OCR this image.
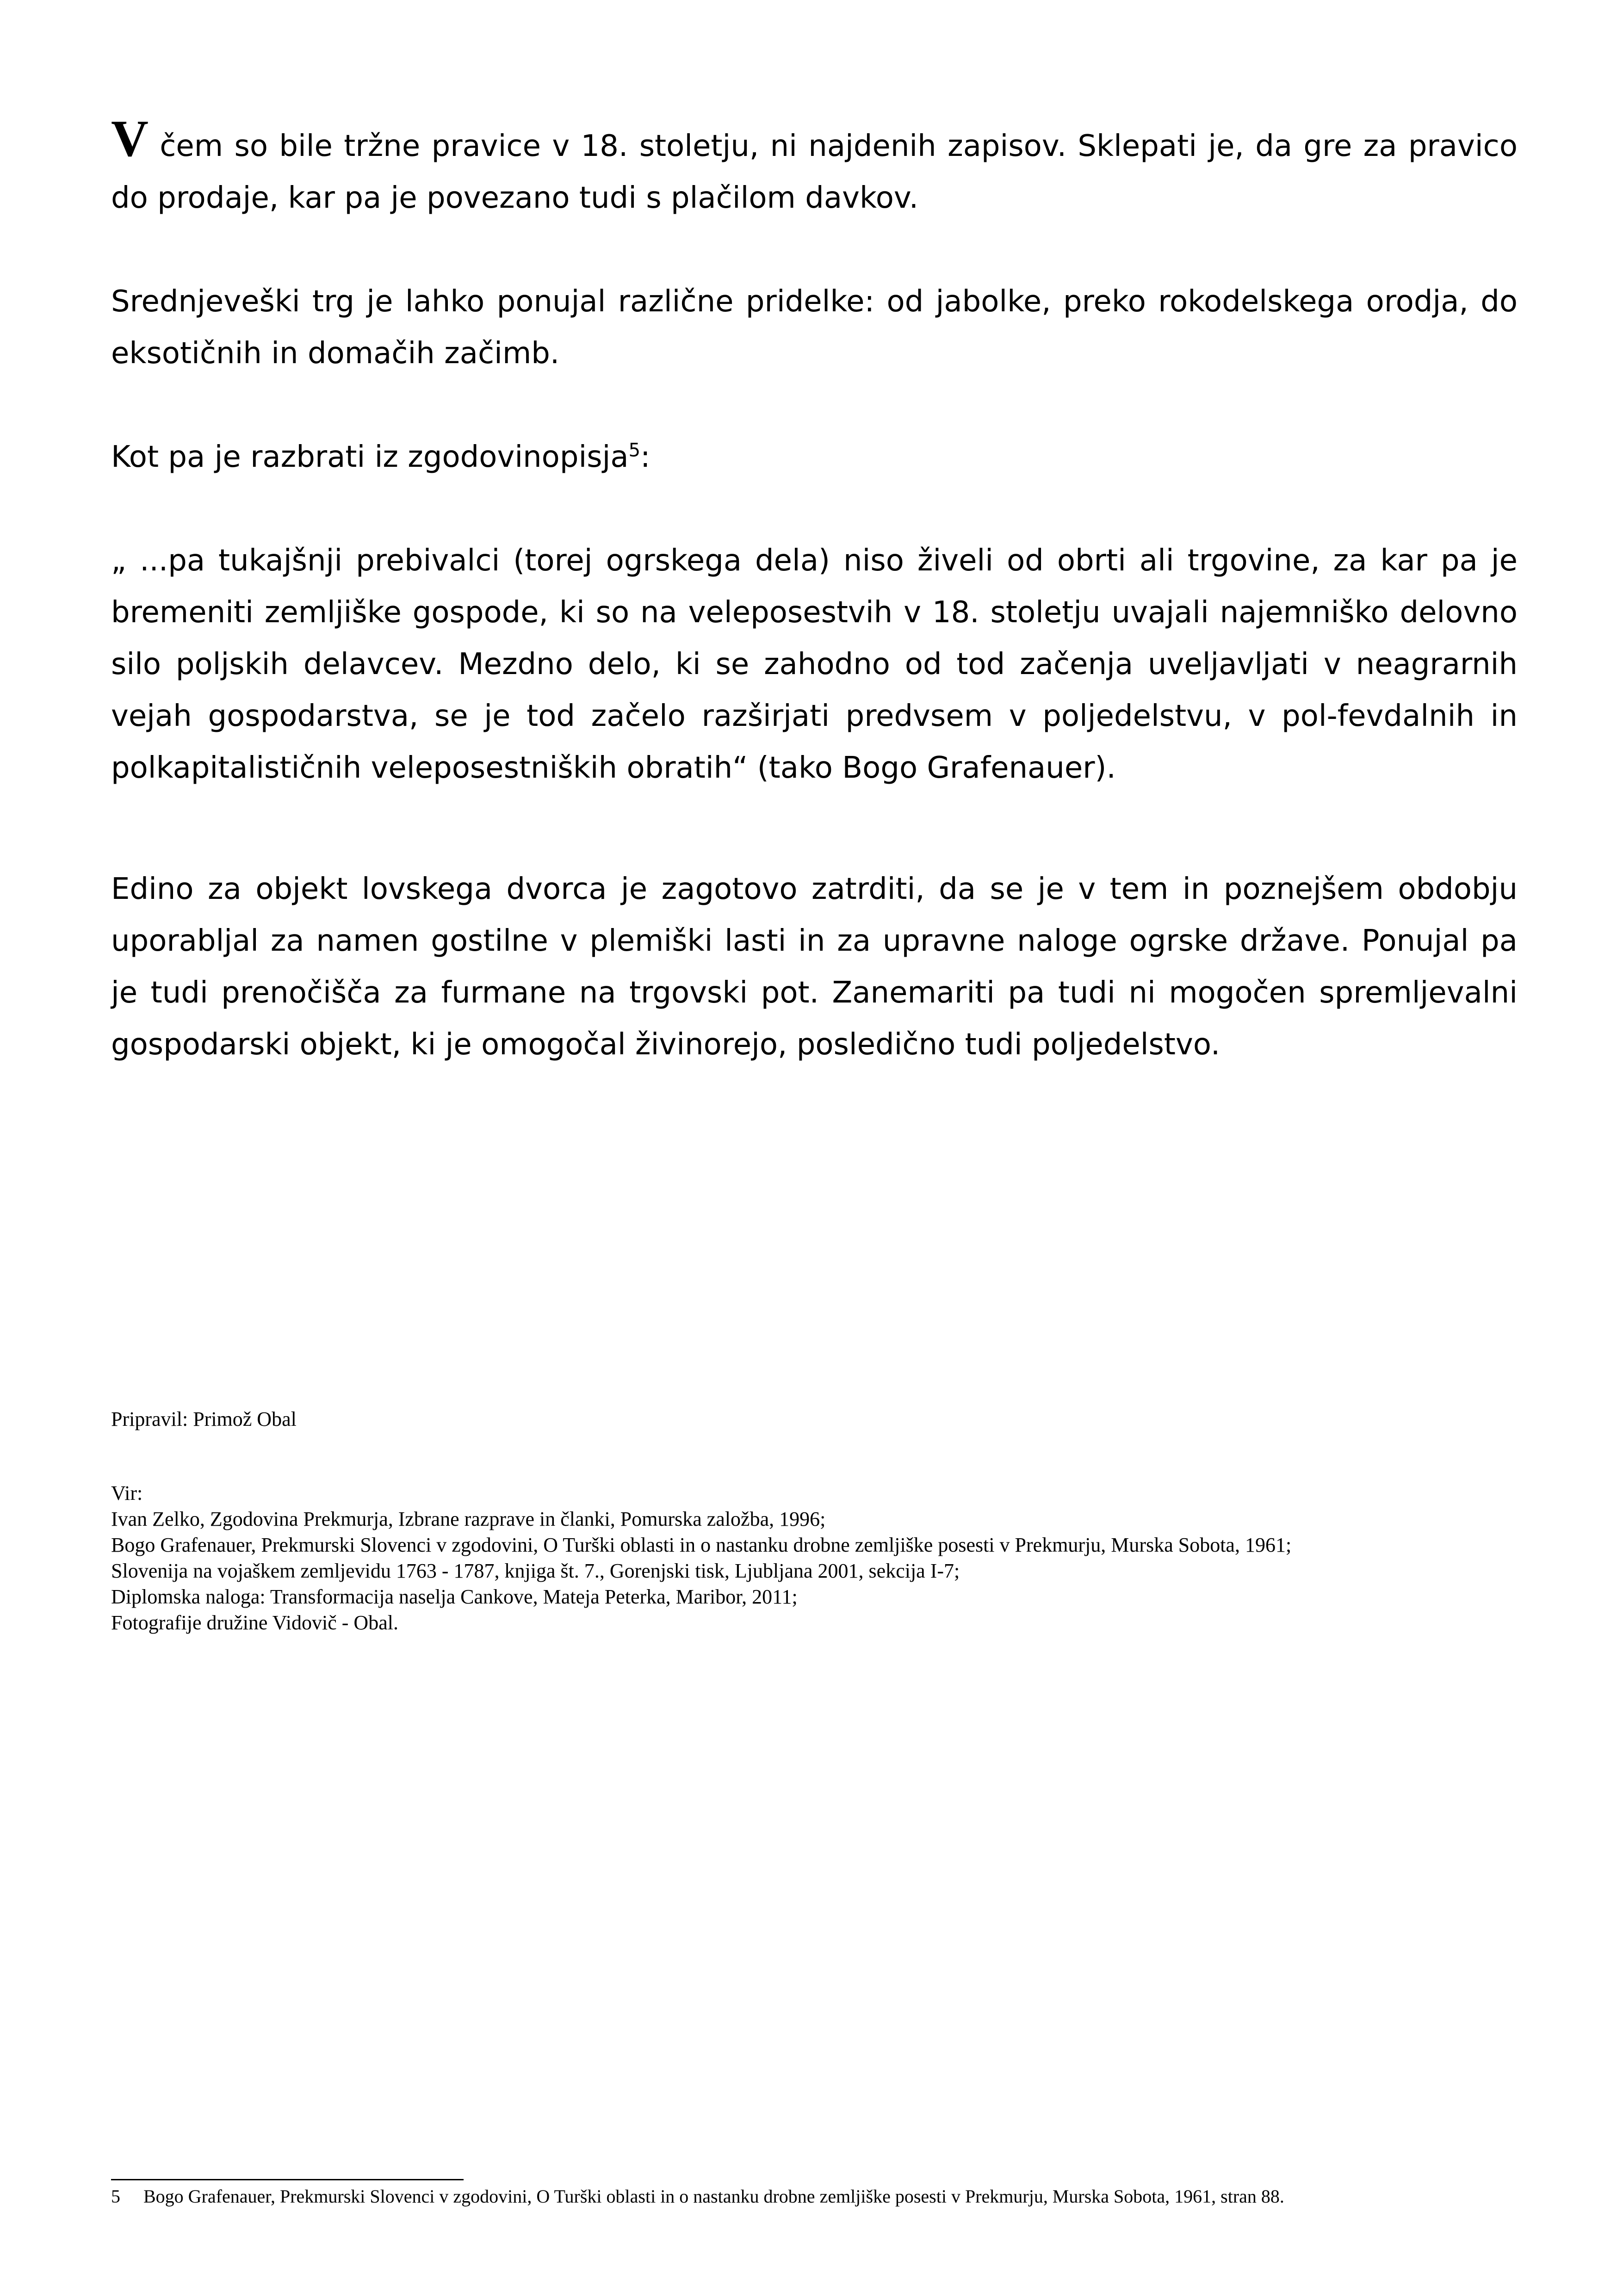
V čem so bile tržne pravice v 18. stoletju, ni najdenih zapisov. Sklepati je, da gre za pravico do prodaje, kar pa je povezano tudi s plačilom davkov.

Srednjeveški trg je lahko ponujal različne pridelke: od jabolke, preko rokodelskega orodja, do eksotičnih in domačih začimb.

Kot pa je razbrati iz zgodovinopisja$^5$:

„ ...pa tukajšnji prebivalci (torej ogrskega dela) niso živeli od obrti ali trgovine, za kar pa je bremeniti zemljiške gospode, ki so na veleposestvih v 18. stoletju uvajali najemniško delovno silo poljskih delavcev. Mezdno delo, ki se zahodno od tod začenja uveljavljati v neagrarnih vejah gospodarstva, se je tod začelo razširjati predvsem v poljedelstvu, v pol-fevdalnih in polkapitalističnih veleposestniških obratih“ (tako Bogo Grafenauer).

Edino za objekt lovskega dvorca je zagotovo zatrditi, da se je v tem in poznejšem obdobju uporabljal za namen gostilne v plemiški lasti in za upravne naloge ogrske države. Ponujal pa je tudi prenočišča za furmane na trgovski pot. Zanemariti pa tudi ni mogočen spremljevalni gospodarski objekt, ki je omogočal živinorejo, posledično tudi poljedelstvo.

Pripravil: Primož Obal

Vir:

Ivan Zelko, Zgodovina Prekmurja, Izbrane razprave in članki, Pomurska založba, 1996;

Bogo Grafenauer, Prekmurski Slovenci v zgodovini, O Turški oblasti in o nastanku drobne zemljiške posesti v Prekmurju, Murska Sobota, 1961;

Slovenija na vojaškem zemljevidu 1763 - 1787, knjiga št. 7., Gorenjski tisk, Ljubljana 2001, sekcija I-7;

Diplomska naloga: Transformacija naselja Cankove, Mateja Peterka, Maribor, 2011;

Fotografije družine Vidovič - Obal.

5 Bogo Grafenauer, Prekmurski Slovenci v zgodovini, O Turški oblasti in o nastanku drobne zemljiške posesti v Prekmurju, Murska Sobota, 1961, stran 88.
